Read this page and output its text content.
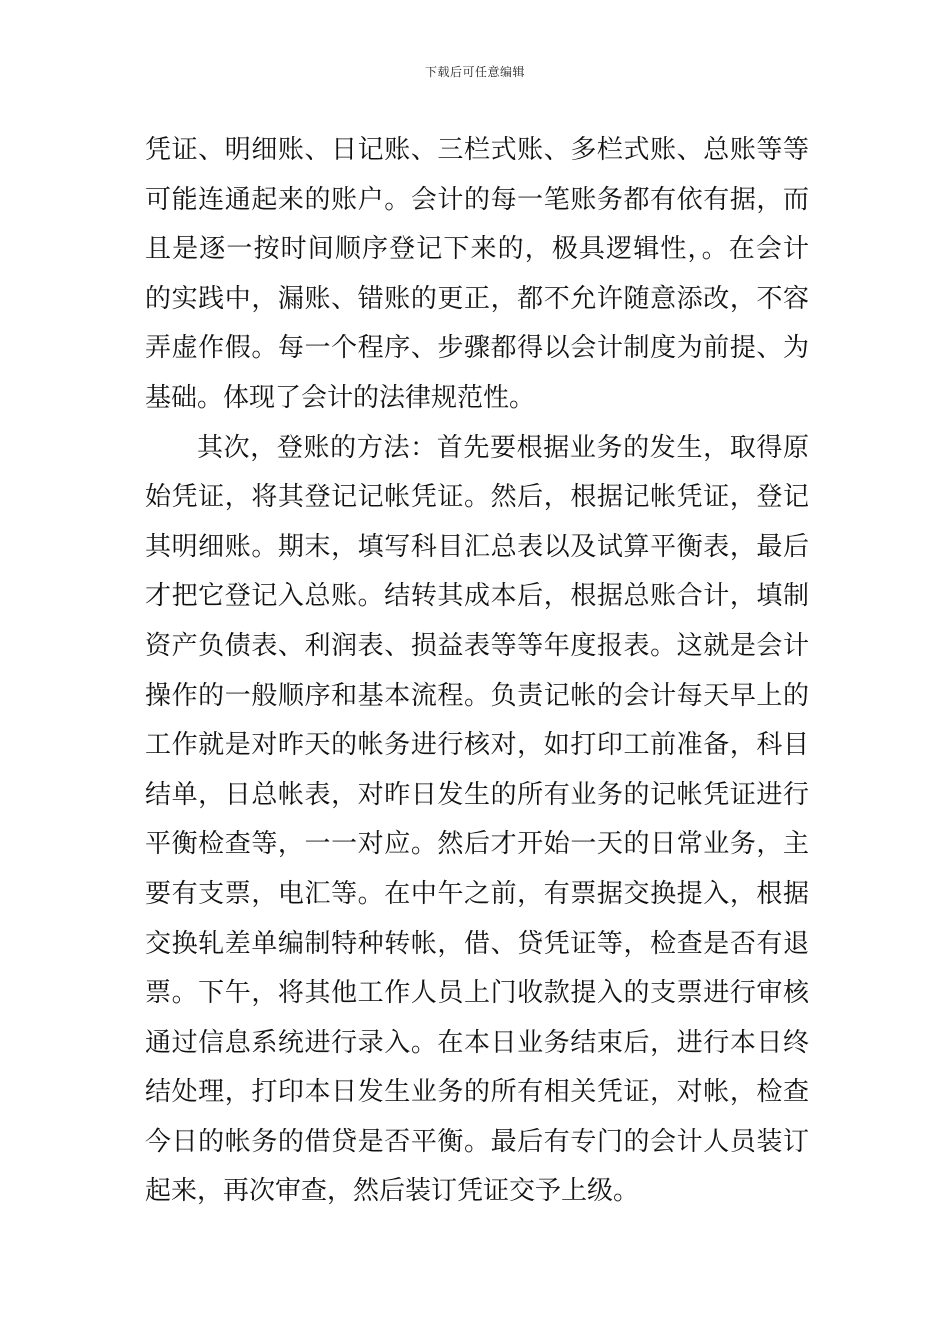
下载后可任意编辑
凭证、明细账、日记账、三栏式账、多栏式账、总账等等
可能连通起来的账户。会计的每一笔账务都有依有据，而
且是逐一按时间顺序登记下来的，极具逻辑性，。在会计
的实践中，漏账、错账的更正，都不允许随意添改，不容
弄虚作假。每一个程序、步骤都得以会计制度为前提、为
基础。体现了会计的法律规范性。
其次，登账的方法：首先要根据业务的发生，取得原
始凭证，将其登记记帐凭证。然后，根据记帐凭证，登记
其明细账。期末，填写科目汇总表以及试算平衡表，最后
才把它登记入总账。结转其成本后，根据总账合计，填制
资产负债表、利润表、损益表等等年度报表。这就是会计
操作的一般顺序和基本流程。负责记帐的会计每天早上的
工作就是对昨天的帐务进行核对，如打印工前准备，科目
结单，日总帐表，对昨日发生的所有业务的记帐凭证进行
平衡检查等，一一对应。然后才开始一天的日常业务，主
要有支票，电汇等。在中午之前，有票据交换提入，根据
交换轧差单编制特种转帐，借、贷凭证等，检查是否有退
票。下午，将其他工作人员上门收款提入的支票进行审核
通过信息系统进行录入。在本日业务结束后，进行本日终
结处理，打印本日发生业务的所有相关凭证，对帐，检查
今日的帐务的借贷是否平衡。最后有专门的会计人员装订
起来，再次审查，然后装订凭证交予上级。
